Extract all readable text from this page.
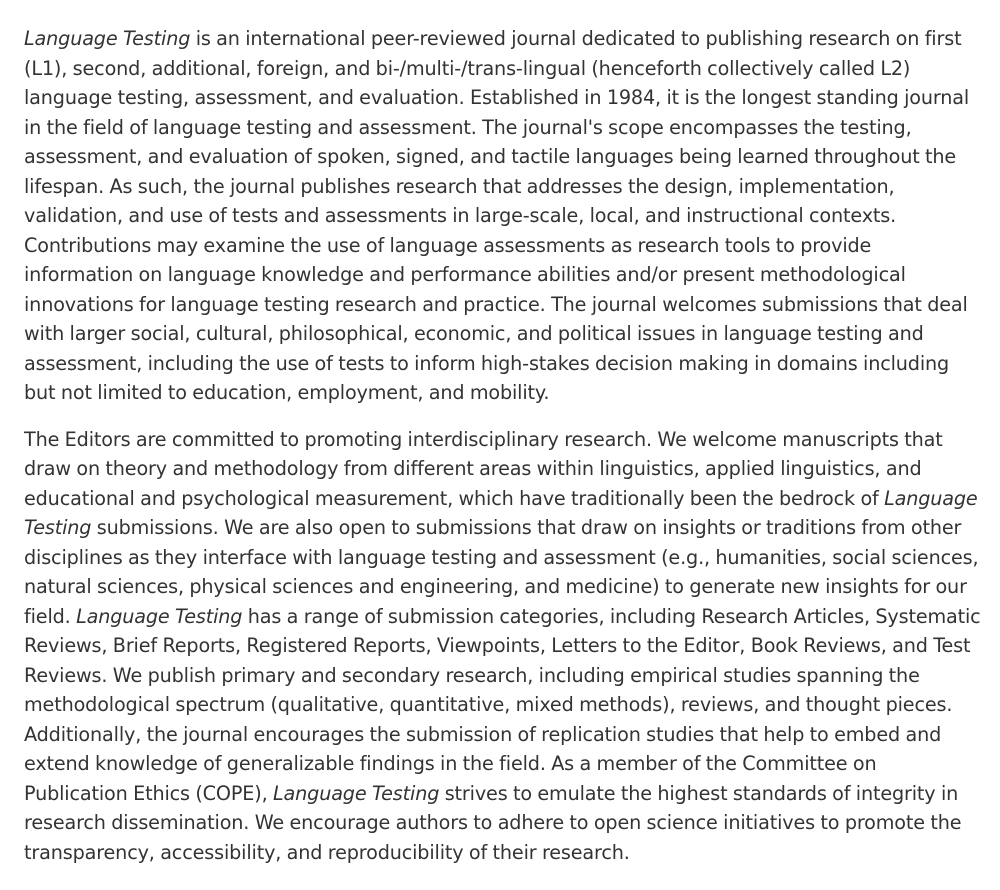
Language Testing is an international peer-reviewed journal dedicated to publishing research on first (L1), second, additional, foreign, and bi-/multi-/trans-lingual (henceforth collectively called L2) language testing, assessment, and evaluation. Established in 1984, it is the longest standing journal in the field of language testing and assessment. The journal's scope encompasses the testing, assessment, and evaluation of spoken, signed, and tactile languages being learned throughout the lifespan. As such, the journal publishes research that addresses the design, implementation, validation, and use of tests and assessments in large-scale, local, and instructional contexts. Contributions may examine the use of language assessments as research tools to provide information on language knowledge and performance abilities and/or present methodological innovations for language testing research and practice. The journal welcomes submissions that deal with larger social, cultural, philosophical, economic, and political issues in language testing and assessment, including the use of tests to inform high-stakes decision making in domains including but not limited to education, employment, and mobility.

The Editors are committed to promoting interdisciplinary research. We welcome manuscripts that draw on theory and methodology from different areas within linguistics, applied linguistics, and educational and psychological measurement, which have traditionally been the bedrock of Language Testing submissions. We are also open to submissions that draw on insights or traditions from other disciplines as they interface with language testing and assessment (e.g., humanities, social sciences, natural sciences, physical sciences and engineering, and medicine) to generate new insights for our field. Language Testing has a range of submission categories, including Research Articles, Systematic Reviews, Brief Reports, Registered Reports, Viewpoints, Letters to the Editor, Book Reviews, and Test Reviews. We publish primary and secondary research, including empirical studies spanning the methodological spectrum (qualitative, quantitative, mixed methods), reviews, and thought pieces. Additionally, the journal encourages the submission of replication studies that help to embed and extend knowledge of generalizable findings in the field. As a member of the Committee on Publication Ethics (COPE), Language Testing strives to emulate the highest standards of integrity in research dissemination. We encourage authors to adhere to open science initiatives to promote the transparency, accessibility, and reproducibility of their research.
